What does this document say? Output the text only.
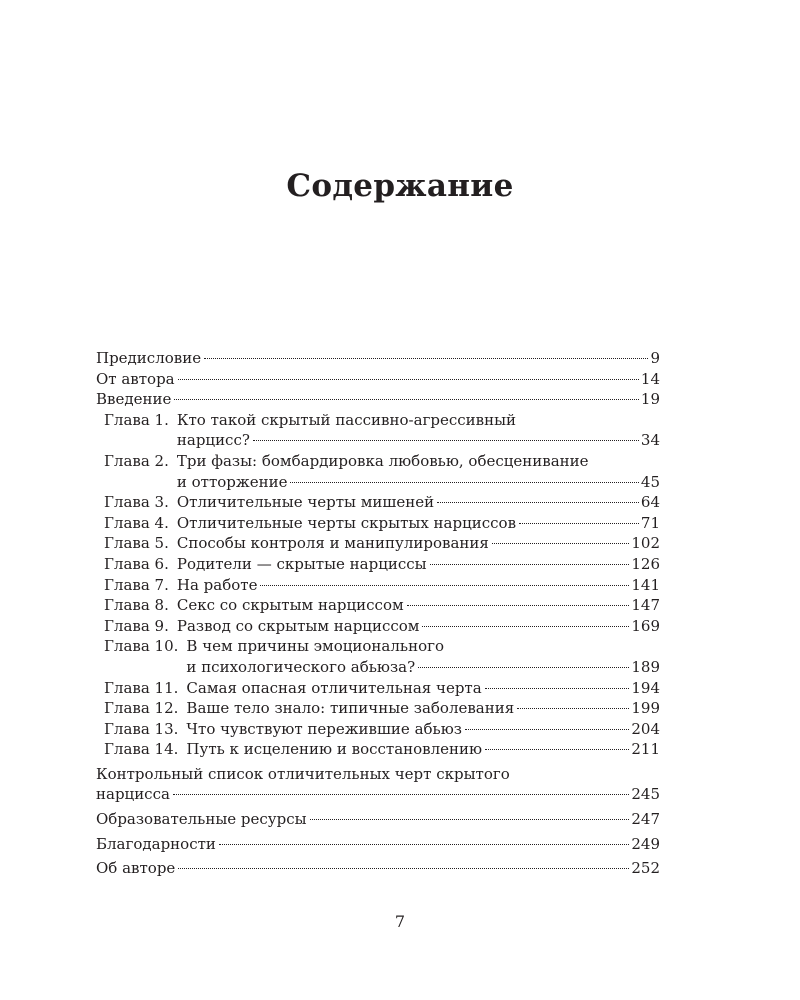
Содержание
Предисловие	9
От автора	14
Введение	19
Глава 1. Кто такой скрытый пассивно-агрессивный
нарцисс?	34
Глава 2. Три фазы: бомбардировка любовью, обесценивание
и отторжение	45
Глава 3. Отличительные черты мишеней	64
Глава 4. Отличительные черты скрытых нарциссов	71
Глава 5. Способы контроля и манипулирования	102
Глава 6. Родители — скрытые нарциссы	126
Глава 7. На работе	141
Глава 8. Секс со скрытым нарциссом	147
Глава 9. Развод со скрытым нарциссом	169
Глава 10. В чем причины эмоционального
и психологического абьюза?	189
Глава 11. Самая опасная отличительная черта	194
Глава 12. Ваше тело знало: типичные заболевания	199
Глава 13. Что чувствуют пережившие абьюз	204
Глава 14. Путь к исцелению и восстановлению	211
Контрольный список отличительных черт скрытого
нарцисса	245
Образовательные ресурсы	247
Благодарности	249
Об авторе	252
7
